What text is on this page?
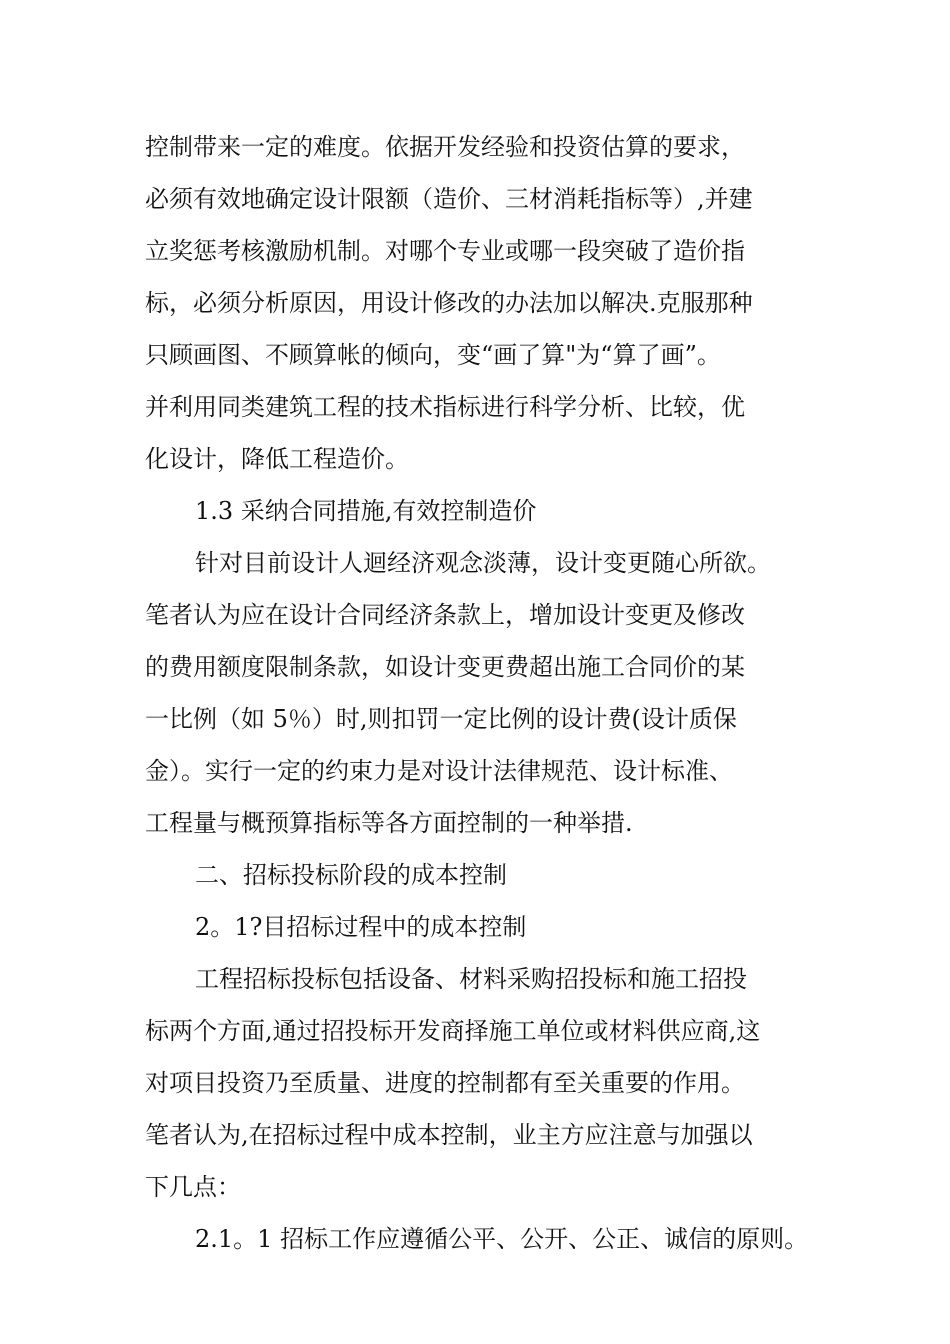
控制带来一定的难度。依据开发经验和投资估算的要求，
必须有效地确定设计限额（造价、三材消耗指标等）,并建
立奖惩考核激励机制。对哪个专业或哪一段突破了造价指
标，必须分析原因，用设计修改的办法加以解决.克服那种
只顾画图、不顾算帐的倾向，变“画了算"为“算了画”。
并利用同类建筑工程的技术指标进行科学分析、比较，优
化设计，降低工程造价。
1.3 采纳合同措施,有效控制造价
针对目前设计人迴经济观念淡薄，设计变更随心所欲。
笔者认为应在设计合同经济条款上，增加设计变更及修改
的费用额度限制条款，如设计变更费超出施工合同价的某
一比例（如 5％）时,则扣罚一定比例的设计费(设计质保
金）。实行一定的约束力是对设计法律规范、设计标准、
工程量与概预算指标等各方面控制的一种举措.
二、招标投标阶段的成本控制
2。1?目招标过程中的成本控制
工程招标投标包括设备、材料采购招投标和施工招投
标两个方面,通过招投标开发商择施工单位或材料供应商,这
对项目投资乃至质量、进度的控制都有至关重要的作用。
笔者认为,在招标过程中成本控制，业主方应注意与加强以
下几点：
2.1。1 招标工作应遵循公平、公开、公正、诚信的原则。
